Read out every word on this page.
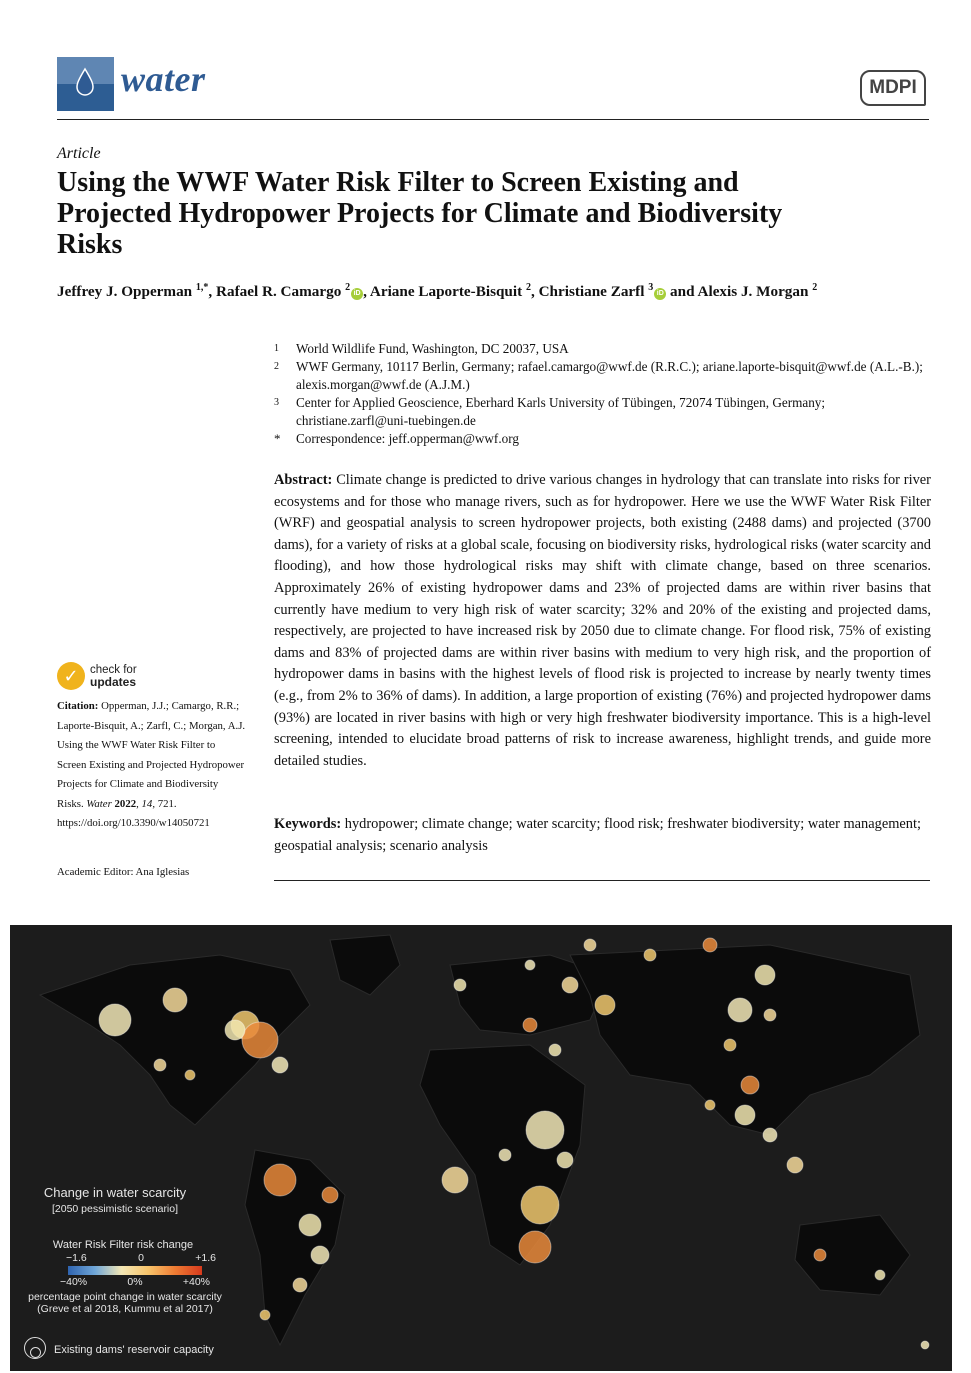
water	MDPI
Article
Using the WWF Water Risk Filter to Screen Existing and Projected Hydropower Projects for Climate and Biodiversity Risks
Jeffrey J. Opperman $^{1,*}$, Rafael R. Camargo $^2$iD , Ariane Laporte-Bisquit $^2$, Christiane Zarfl $^3$iD and Alexis J. Morgan $^2$
1	World Wildlife Fund, Washington, DC 20037, USA
2	WWF Germany, 10117 Berlin, Germany; rafael.camargo@wwf.de (R.R.C.); ariane.laporte-bisquit@wwf.de (A.L.-B.); alexis.morgan@wwf.de (A.J.M.)
3	Center for Applied Geoscience, Eberhard Karls University of Tübingen, 72074 Tübingen, Germany; christiane.zarfl@uni-tuebingen.de
*	Correspondence: jeff.opperman@wwf.org

Abstract: Climate change is predicted to drive various changes in hydrology that can translate into risks for river ecosystems and for those who manage rivers, such as for hydropower. Here we use the WWF Water Risk Filter (WRF) and geospatial analysis to screen hydropower projects, both existing (2488 dams) and projected (3700 dams), for a variety of risks at a global scale, focusing on biodiversity risks, hydrological risks (water scarcity and flooding), and how those hydrological risks may shift with climate change, based on three scenarios. Approximately 26% of existing hydropower dams and 23% of projected dams are within river basins that currently have medium to very high risk of water scarcity; 32% and 20% of the existing and projected dams, respectively, are projected to have increased risk by 2050 due to climate change. For flood risk, 75% of existing dams and 83% of projected dams are within river basins with medium to very high risk, and the proportion of hydropower dams in basins with the highest levels of flood risk is projected to increase by nearly twenty times (e.g., from 2% to 36% of dams). In addition, a large proportion of existing (76%) and projected hydropower dams (93%) are located in river basins with high or very high freshwater biodiversity importance. This is a high-level screening, intended to elucidate broad patterns of risk to increase awareness, highlight trends, and guide more detailed studies.

Keywords: hydropower; climate change; water scarcity; flood risk; freshwater biodiversity; water management; geospatial analysis; scenario analysis

✓ check for
updates
Citation: Opperman, J.J.; Camargo, R.R.; Laporte-Bisquit, A.; Zarfl, C.; Morgan, A.J. Using the WWF Water Risk Filter to Screen Existing and Projected Hydropower Projects for Climate and Biodiversity Risks. Water 2022, 14, 721. https://doi.org/10.3390/w14050721
Academic Editor: Ana Iglesias
Change in water scarcity
[2050 pessimistic scenario]
Water Risk Filter risk change
−1.6	0	+1.6
−40%	0%	+40%
percentage point change in water scarcity
(Greve et al 2018, Kummu et al 2017)
Existing dams' reservoir capacity
